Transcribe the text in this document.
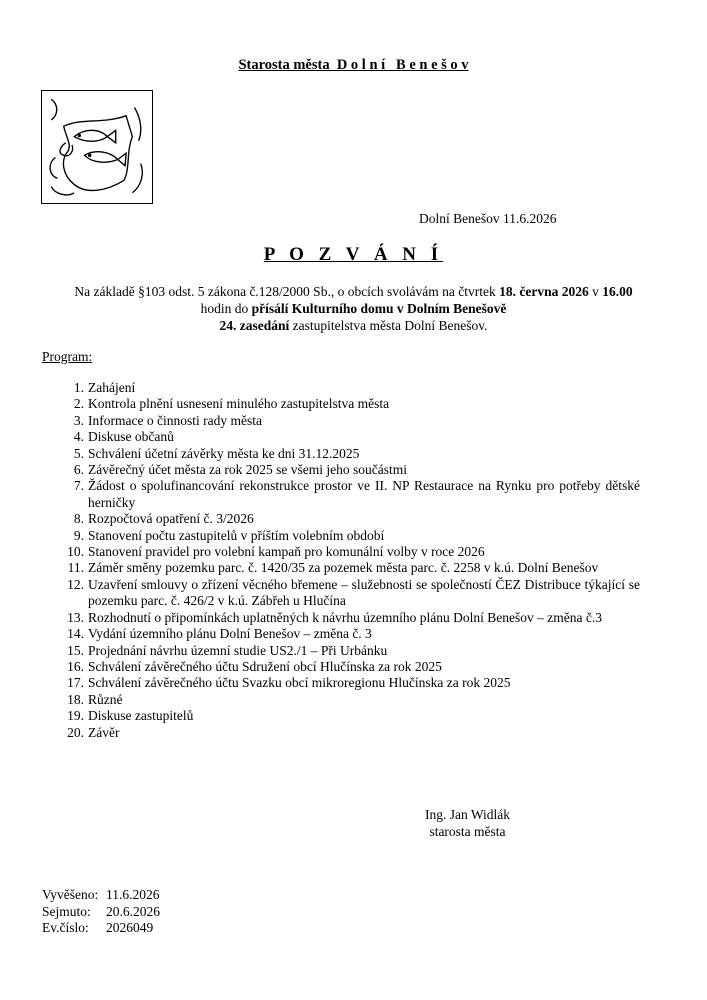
Starosta města  D o l n í   B e n e š o v
Dolní Benešov 11.6.2026
P O Z V Á N Í
Na základě §103 odst. 5 zákona č.128/2000 Sb., o obcích svolávám na čtvrtek 18. června 2026 v 16.00
hodin do přísálí Kulturního domu v Dolním Benešově
24. zasedání zastupitelstva města Dolní Benešov.
Program:
1. Zahájení
2. Kontrola plnění usnesení minulého zastupitelstva města
3. Informace o činnosti rady města
4. Diskuse občanů
5. Schválení účetní závěrky města ke dni 31.12.2025
6. Závěrečný účet města za rok 2025 se všemi jeho součástmi
7. Žádost o spolufinancování rekonstrukce prostor ve II. NP Restaurace na Rynku pro potřeby dětské herničky
8. Rozpočtová opatření č. 3/2026
9. Stanovení počtu zastupitelů v příštím volebním období
10. Stanovení pravidel pro volební kampaň pro komunální volby v roce 2026
11. Záměr směny pozemku parc. č. 1420/35 za pozemek města parc. č. 2258 v k.ú. Dolní Benešov
12. Uzavření smlouvy o zřízení věcného břemene – služebnosti se společností ČEZ Distribuce týkající se pozemku parc. č. 426/2 v k.ú. Zábřeh u Hlučína
13. Rozhodnutí o připomínkách uplatněných k návrhu územního plánu Dolní Benešov – změna č.3
14. Vydání územního plánu Dolní Benešov – změna č. 3
15. Projednání návrhu územní studie US2./1 – Při Urbánku
16. Schválení závěrečného účtu Sdružení obcí Hlučínska za rok 2025
17. Schválení závěrečného účtu Svazku obcí mikroregionu Hlučínska za rok 2025
18. Různé
19. Diskuse zastupitelů
20. Závěr
Ing. Jan Widlák
starosta města
Vyvěšeno: 11.6.2026
Sejmuto:	20.6.2026
Ev.číslo:	2026049
